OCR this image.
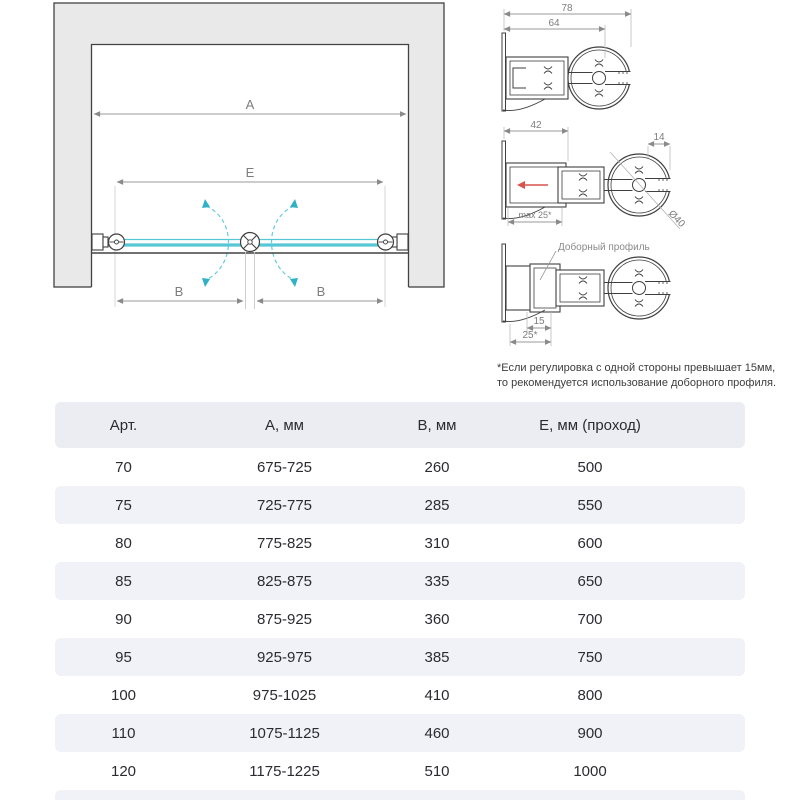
A
E
B	B
78
64
Ø40
42
14
max 25*
Доборный профиль
15
25*
*Если регулировка с одной стороны превышает 15мм,
то рекомендуется использование доборного профиля.
Арт.	А, мм	В, мм	Е, мм (проход)
70	675-725	260	500
75	725-775	285	550
80	775-825	310	600
85	825-875	335	650
90	875-925	360	700
95	925-975	385	750
100	975-1025	410	800
110	1075-1125	460	900
120	1175-1225	510	1000
